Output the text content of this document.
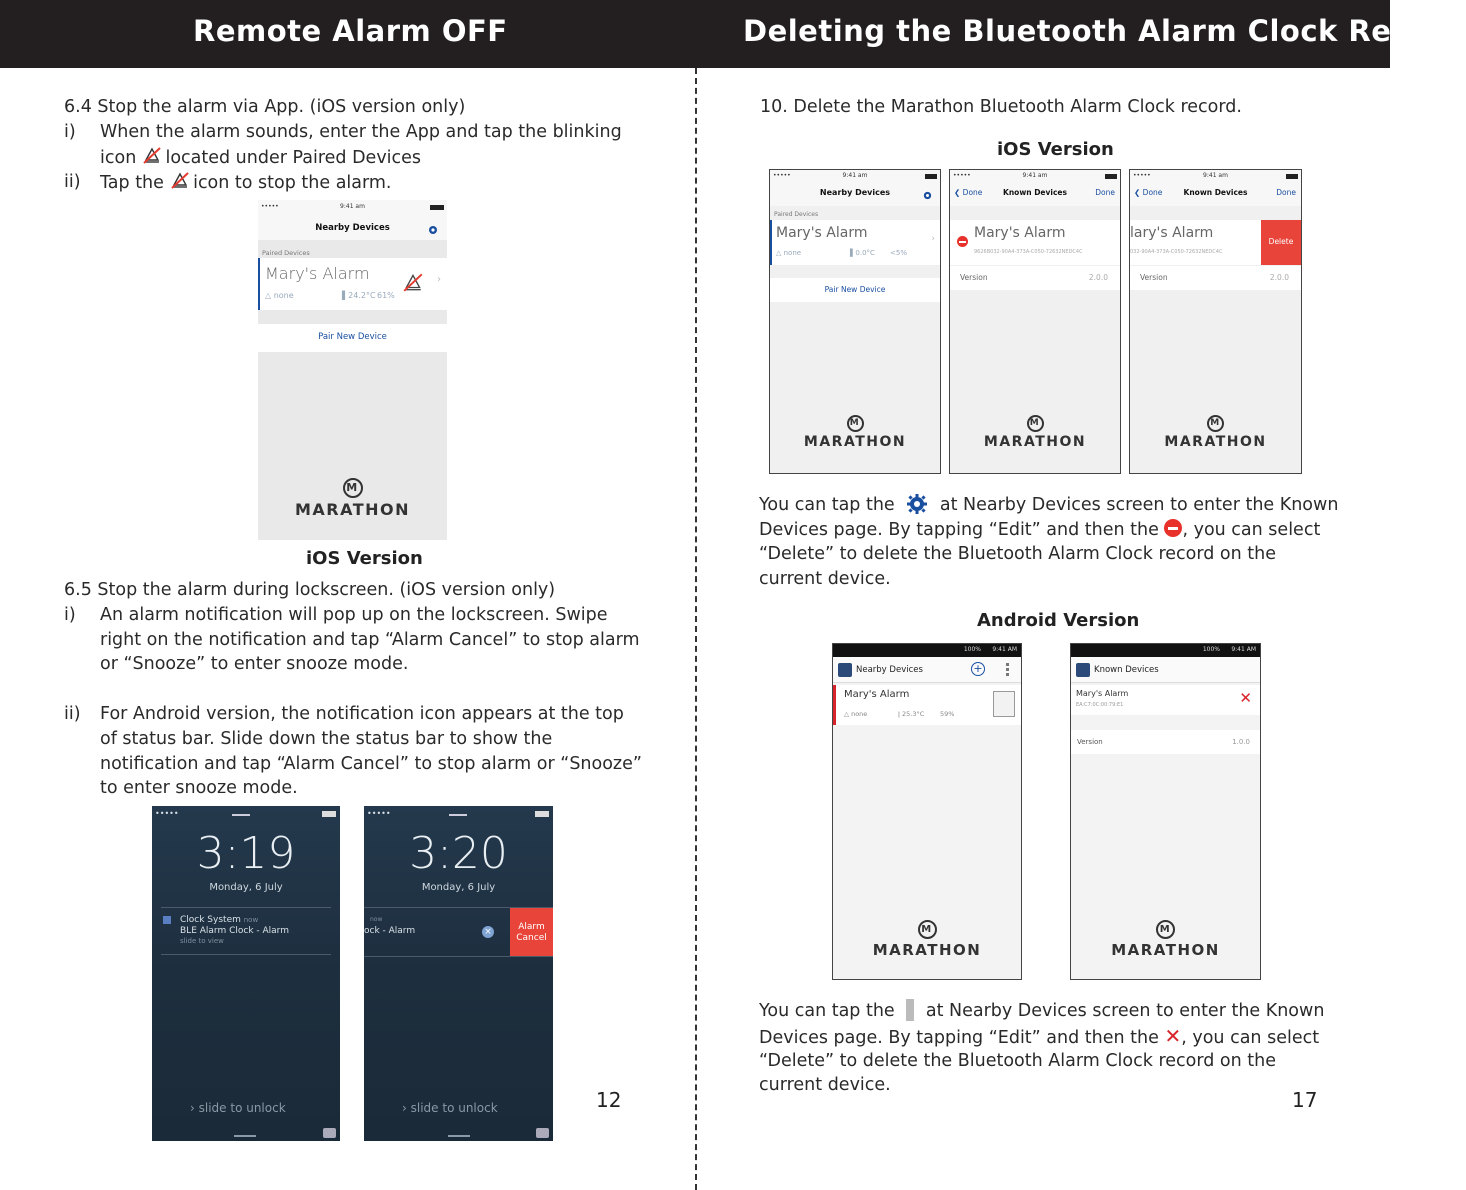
Remote Alarm OFF	Deleting the Bluetooth Alarm Clock Record
6.4 Stop the alarm via App. (iOS version only)
i) When the alarm sounds, enter the App and tap the blinking
icon located under Paired Devices
ii) Tap the icon to stop the alarm.
•••••	9:41 am
Nearby Devices
Paired Devices
Mary's Alarm
△ none	▌24.2°C 61%
›
Pair New Device
M
MARATHON
iOS Version
6.5 Stop the alarm during lockscreen. (iOS version only)
i) An alarm notification will pop up on the lockscreen. Swipe
right on the notification and tap “Alarm Cancel” to stop alarm
or “Snooze” to enter snooze mode.
ii) For Android version, the notification icon appears at the top
of status bar. Slide down the status bar to show the
notification and tap “Alarm Cancel” to stop alarm or “Snooze”
to enter snooze mode.
•••••
3:19
Monday, 6 July
Clock System now
BLE Alarm Clock - Alarm
slide to view
› slide to unlock
•••••
3:20
Monday, 6 July
now
ock - Alarm	×	Alarm
Cancel
› slide to unlock	12
10. Delete the Marathon Bluetooth Alarm Clock record.
iOS Version
•••••	9:41 am
Nearby Devices
Paired Devices
Mary's Alarm
△ none	▌0.0°C <5%
›
Pair New Device
M
MARATHON
•••••	9:41 am
❮ Done	Known Devices	Done
Mary's Alarm
9626B032-90A4-373A-C050-72632NEDC4C
Version	2.0.0
M
MARATHON
•••••	9:41 am
❮ Done	Known Devices	Done
lary's Alarm
032-90A4-373A-C050-72632NEDC4C
Delete
Version	2.0.0
M
MARATHON
You can tap the	at Nearby Devices screen to enter the Known
Devices page. By tapping “Edit” and then the , you can select
“Delete” to delete the Bluetooth Alarm Clock record on the
current device.
Android Version
100% 9:41 AM
Nearby Devices	+
Mary's Alarm
△ none	ǀ 25.3°C 59%
M
MARATHON
100% 9:41 AM
Known Devices
Mary's Alarm
EA:C7:0C:00:79:E1	✕
Version	1.0.0
M
MARATHON
You can tap the at Nearby Devices screen to enter the Known
Devices page. By tapping “Edit” and then the ✕, you can select
“Delete” to delete the Bluetooth Alarm Clock record on the
current device.
17
